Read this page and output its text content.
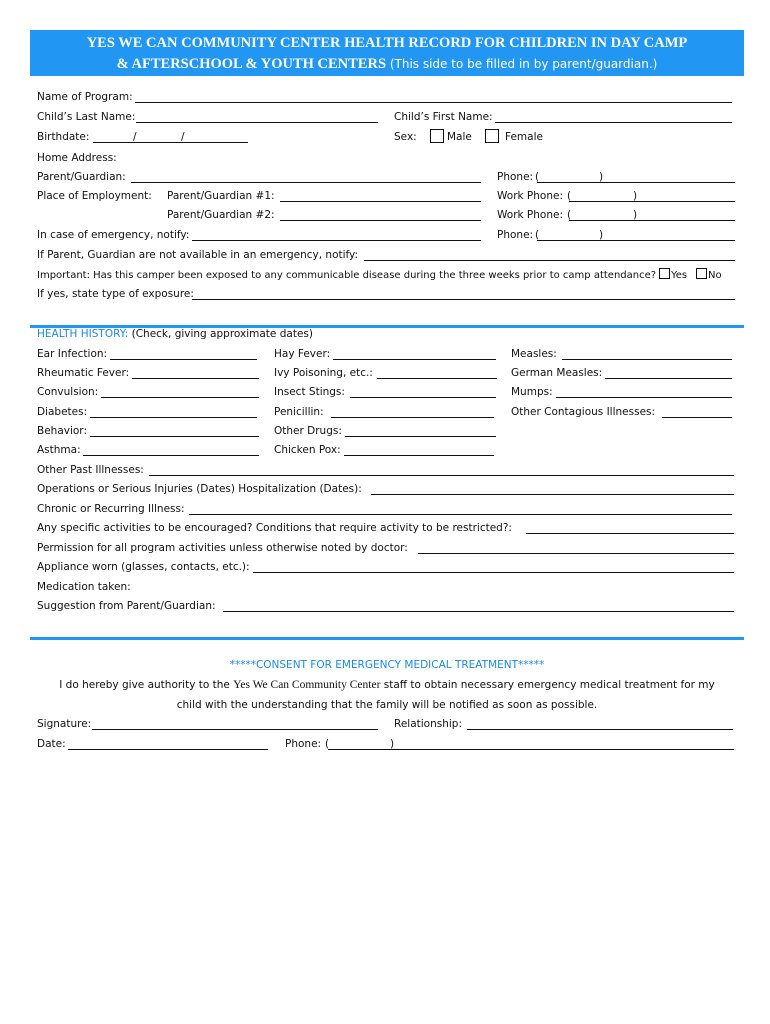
YES WE CAN COMMUNITY CENTER HEALTH RECORD FOR CHILDREN IN DAY CAMP
& AFTERSCHOOL & YOUTH CENTERS (This side to be filled in by parent/guardian.)
Name of Program:
Child’s Last Name:	Child’s First Name:
Birthdate:	/	/	Sex:	Male	Female
Home Address:
Parent/Guardian:	Phone: (	)
Place of Employment: Parent/Guardian #1:	Work Phone: (	)
Parent/Guardian #2:	Work Phone: (	)
In case of emergency, notify:	Phone: (	)
If Parent, Guardian are not available in an emergency, notify:
Important: Has this camper been exposed to any communicable disease during the three weeks prior to camp attendance? Yes No
If yes, state type of exposure:
HEALTH HISTORY: (Check, giving approximate dates)
Ear Infection:	Hay Fever:	Measles:
Rheumatic Fever:	Ivy Poisoning, etc.:	German Measles:
Convulsion:	Insect Stings:	Mumps:
Diabetes:	Penicillin:	Other Contagious Illnesses:
Behavior:	Other Drugs:
Asthma:	Chicken Pox:
Other Past Illnesses:
Operations or Serious Injuries (Dates) Hospitalization (Dates):
Chronic or Recurring Illness:
Any specific activities to be encouraged? Conditions that require activity to be restricted?:
Permission for all program activities unless otherwise noted by doctor:
Appliance worn (glasses, contacts, etc.):
Medication taken:
Suggestion from Parent/Guardian:
*****CONSENT FOR EMERGENCY MEDICAL TREATMENT*****
I do hereby give authority to the Yes We Can Community Center staff to obtain necessary emergency medical treatment for my
child with the understanding that the family will be notified as soon as possible.
Signature:	Relationship:
Date:	Phone: (	)
